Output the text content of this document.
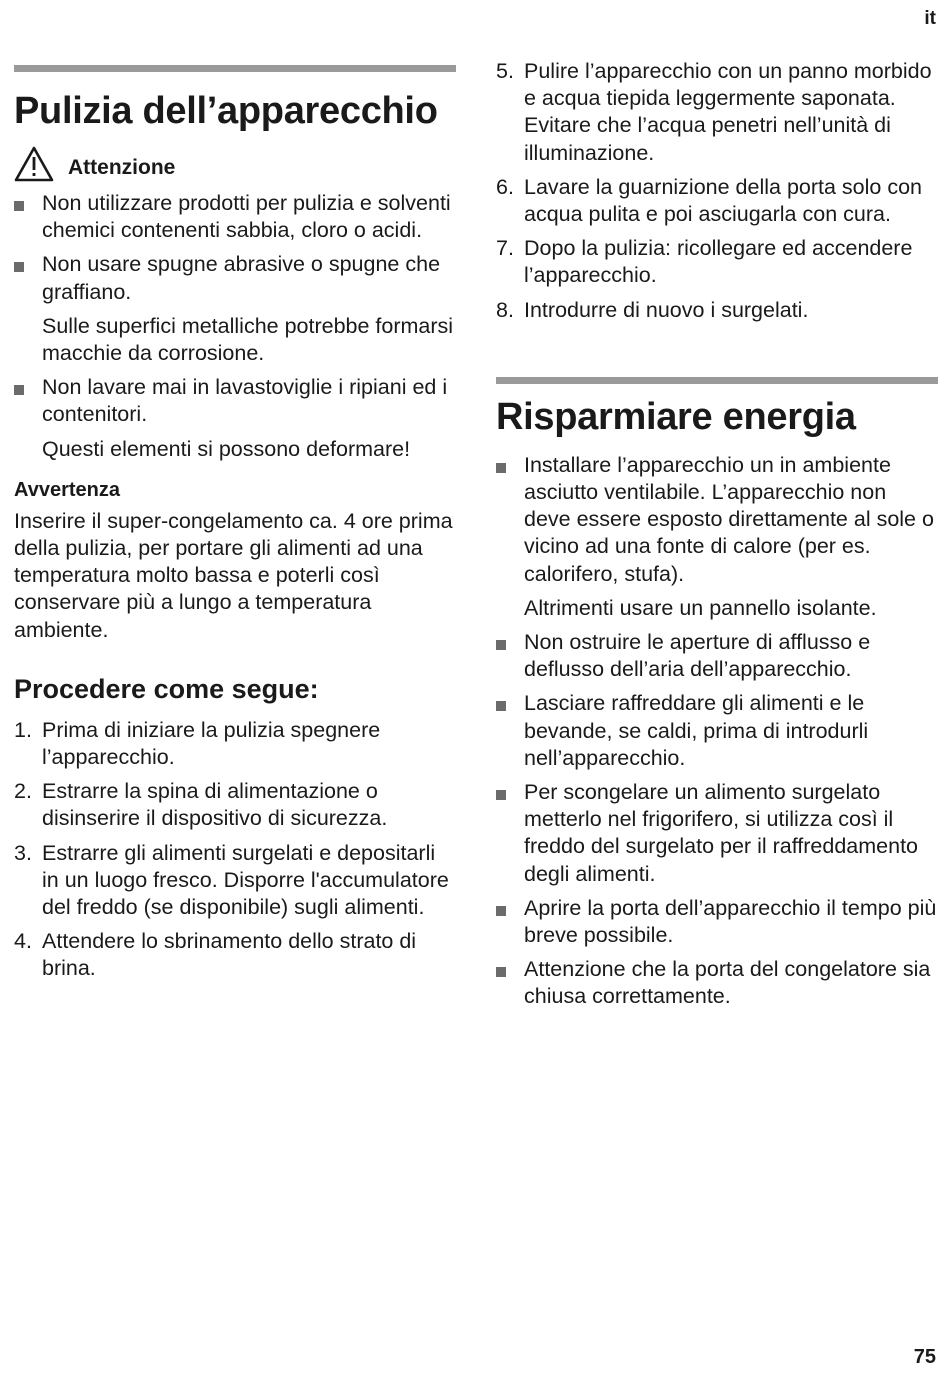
it
Pulizia dell’apparecchio
Attenzione
Non utilizzare prodotti per pulizia e solventi chemici contenenti sabbia, cloro o acidi.
Non usare spugne abrasive o spugne che graffiano.

Sulle superfici metalliche potrebbe formarsi macchie da corrosione.

Non lavare mai in lavastoviglie i ripiani ed i contenitori.

Questi elementi si possono deformare!

Avvertenza

Inserire il super-congelamento ca. 4 ore prima della pulizia, per portare gli alimenti ad una temperatura molto bassa e poterli così conservare più a lungo a temperatura ambiente.

Procedere come segue:
1. Prima di iniziare la pulizia spegnere l’apparecchio.
2. Estrarre la spina di alimentazione o disinserire il dispositivo di sicurezza.
3. Estrarre gli alimenti surgelati e depositarli in un luogo fresco. Disporre l'accumulatore del freddo (se disponibile) sugli alimenti.
4. Attendere lo sbrinamento dello strato di brina.
5. Pulire l’apparecchio con un panno morbido e acqua tiepida leggermente saponata. Evitare che l’acqua penetri nell’unità di illuminazione.
6. Lavare la guarnizione della porta solo con acqua pulita e poi asciugarla con cura.
7. Dopo la pulizia: ricollegare ed accendere l’apparecchio.
8. Introdurre di nuovo i surgelati.
Risparmiare energia
Installare l’apparecchio un in ambiente asciutto ventilabile. L’apparecchio non deve essere esposto direttamente al sole o vicino ad una fonte di calore (per es. calorifero, stufa).

Altrimenti usare un pannello isolante.

Non ostruire le aperture di afflusso e deflusso dell’aria dell’apparecchio.
Lasciare raffreddare gli alimenti e le bevande, se caldi, prima di introdurli nell’apparecchio.
Per scongelare un alimento surgelato metterlo nel frigorifero, si utilizza così il freddo del surgelato per il raffreddamento degli alimenti.
Aprire la porta dell’apparecchio il tempo più breve possibile.
Attenzione che la porta del congelatore sia chiusa correttamente.
75
